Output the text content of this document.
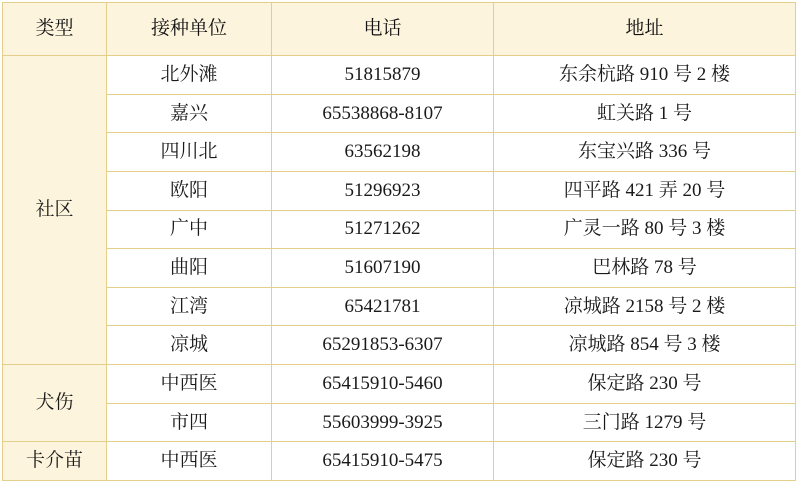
类型	接种单位	电话	地址
社区	北外滩	51815879	东余杭路 910 号 2 楼
	嘉兴	65538868-8107	虹关路 1 号
	四川北	63562198	东宝兴路 336 号
	欧阳	51296923	四平路 421 弄 20 号
	广中	51271262	广灵一路 80 号 3 楼
	曲阳	51607190	巴林路 78 号
	江湾	65421781	凉城路 2158 号 2 楼
	凉城	65291853-6307	凉城路 854 号 3 楼
犬伤	中西医	65415910-5460	保定路 230 号
	市四	55603999-3925	三门路 1279 号
卡介苗	中西医	65415910-5475	保定路 230 号
